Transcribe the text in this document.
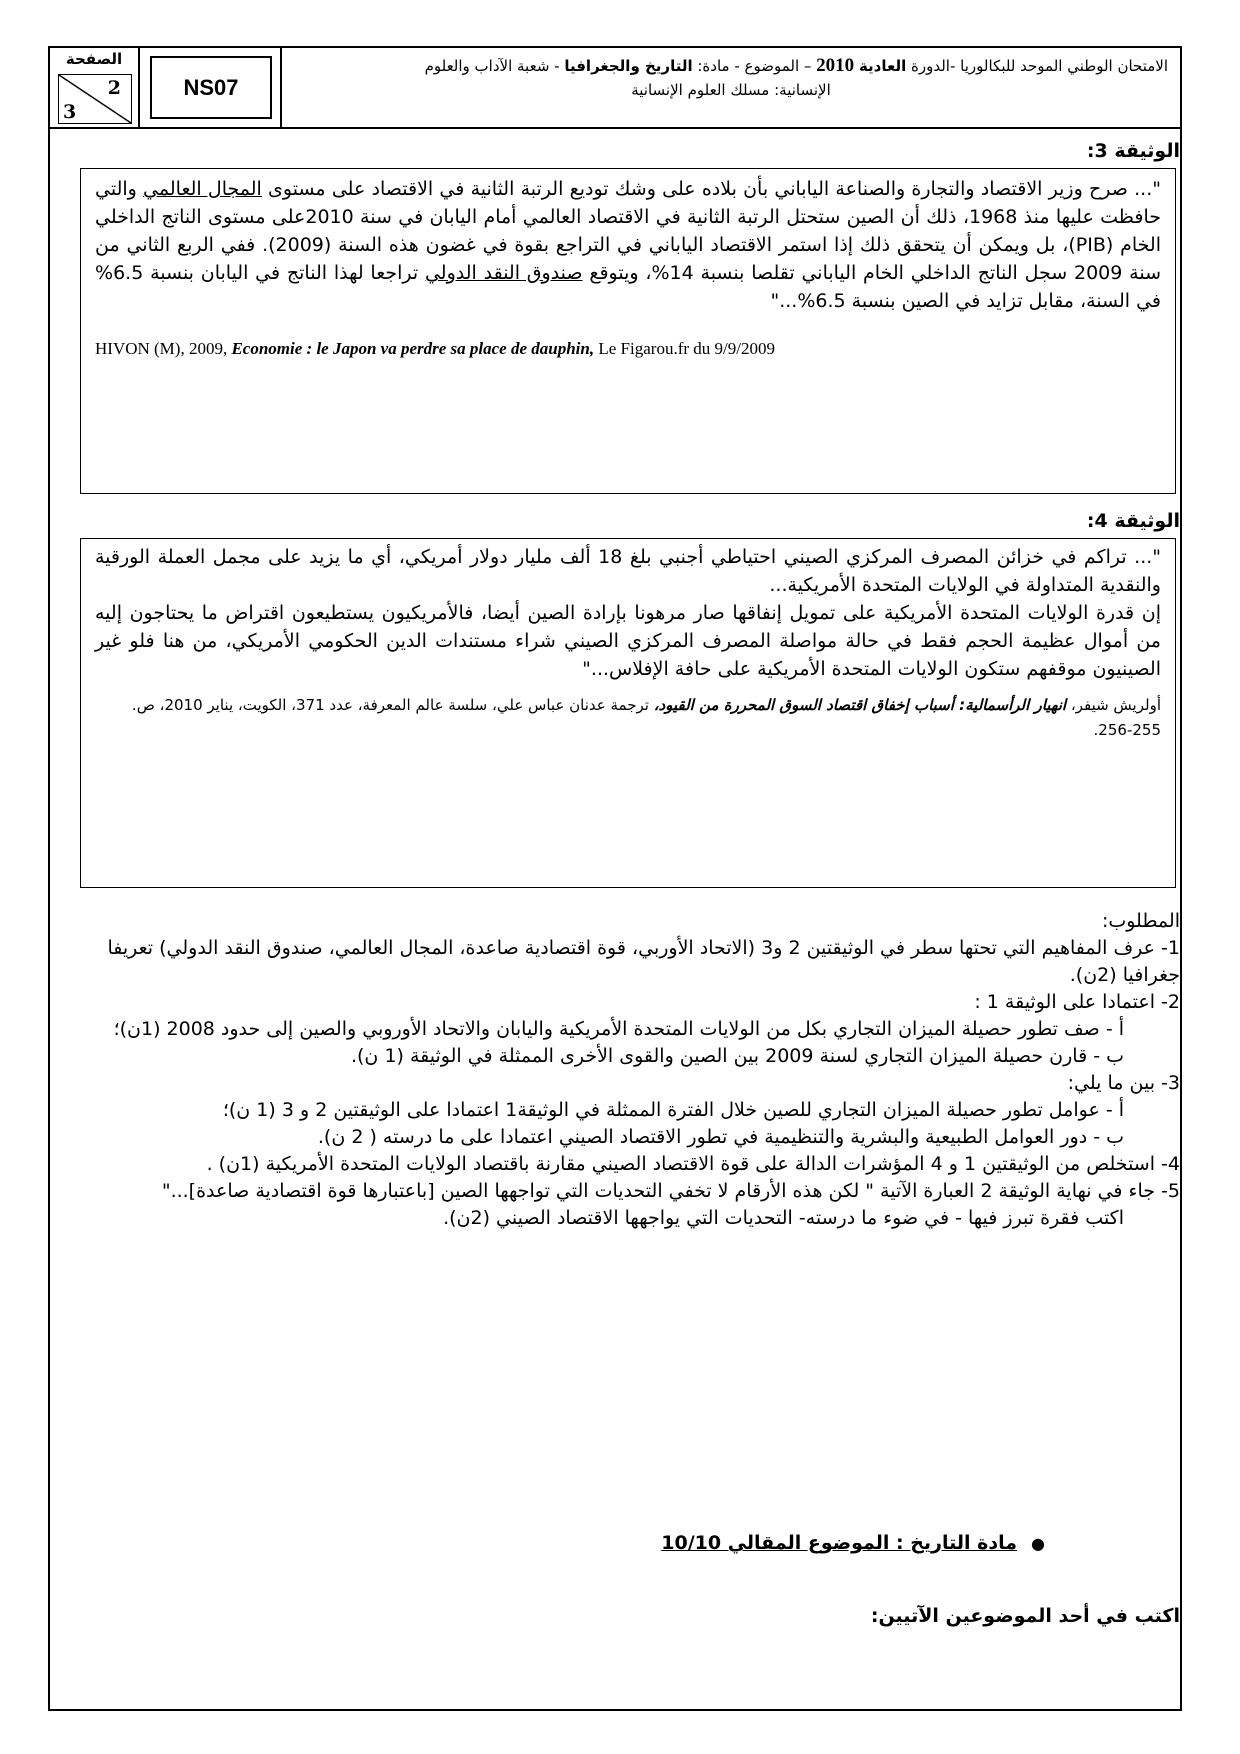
الصفحة
2
3
NS07
الامتحان الوطني الموحد للبكالوريا -الدورة العادية 2010 – الموضوع - مادة: التاريخ والجغرافيا - شعبة الآداب والعلوم
الإنسانية: مسلك العلوم الإنسانية
الوثيقة 3:

"... صرح وزير الاقتصاد والتجارة والصناعة الياباني بأن بلاده على وشك توديع الرتبة الثانية في الاقتصاد على مستوى المجال العالمي والتي حافظت عليها منذ 1968، ذلك أن الصين ستحتل الرتبة الثانية في الاقتصاد العالمي أمام اليابان في سنة 2010على مستوى الناتج الداخلي الخام (PIB)، بل ويمكن أن يتحقق ذلك إذا استمر الاقتصاد الياباني في التراجع بقوة في غضون هذه السنة (2009). ففي الربع الثاني من سنة 2009 سجل الناتج الداخلي الخام الياباني تقلصا بنسبة 14%، ويتوقع صندوق النقد الدولي تراجعا لهذا الناتج في اليابان بنسبة 6.5% في السنة، مقابل تزايد في الصين بنسبة 6.5%..."

HIVON (M), 2009, Economie : le Japon va perdre sa place de dauphin, Le Figarou.fr du 9/9/2009

الوثيقة 4:

"... تراكم في خزائن المصرف المركزي الصيني احتياطي أجنبي بلغ 18 ألف مليار دولار أمريكي، أي ما يزيد على مجمل العملة الورقية والنقدية المتداولة في الولايات المتحدة الأمريكية...

إن قدرة الولايات المتحدة الأمريكية على تمويل إنفاقها صار مرهونا بإرادة الصين أيضا، فالأمريكيون يستطيعون اقتراض ما يحتاجون إليه من أموال عظيمة الحجم فقط في حالة مواصلة المصرف المركزي الصيني شراء مستندات الدين الحكومي الأمريكي، من هنا فلو غير الصينيون موقفهم ستكون الولايات المتحدة الأمريكية على حافة الإفلاس..."

أولريش شيفر، انهيار الرأسمالية: أسباب إخفاق اقتصاد السوق المحررة من القيود، ترجمة عدنان عباس علي، سلسة عالم المعرفة، عدد 371، الكويت، يناير 2010، ص. 255-256.

المطلوب:

1- عرف المفاهيم التي تحتها سطر في الوثيقتين 2 و3 (الاتحاد الأوربي، قوة اقتصادية صاعدة، المجال العالمي، صندوق النقد الدولي) تعريفا جغرافيا (2ن).

2- اعتمادا على الوثيقة 1 :

أ - صف تطور حصيلة الميزان التجاري بكل من الولايات المتحدة الأمريكية واليابان والاتحاد الأوروبي والصين إلى حدود 2008 (1ن)؛

ب - قارن حصيلة الميزان التجاري لسنة 2009 بين الصين والقوى الأخرى الممثلة في الوثيقة (1 ن).

3- بين ما يلي:

أ - عوامل تطور حصيلة الميزان التجاري للصين خلال الفترة الممثلة في الوثيقة1 اعتمادا على الوثيقتين 2 و 3 (1 ن)؛

ب - دور العوامل الطبيعية والبشرية والتنظيمية في تطور الاقتصاد الصيني اعتمادا على ما درسته ( 2 ن).

4- استخلص من الوثيقتين 1 و 4 المؤشرات الدالة على قوة الاقتصاد الصيني مقارنة باقتصاد الولايات المتحدة الأمريكية (1ن) .

5- جاء في نهاية الوثيقة 2 العبارة الآتية " لكن هذه الأرقام لا تخفي التحديات التي تواجهها الصين [باعتبارها قوة اقتصادية صاعدة]..."

اكتب فقرة تبرز فيها - في ضوء ما درسته- التحديات التي يواجهها الاقتصاد الصيني (2ن).

●مادة التاريخ : الموضوع المقالي 10/10
اكتب في أحد الموضوعين الآتيين:
